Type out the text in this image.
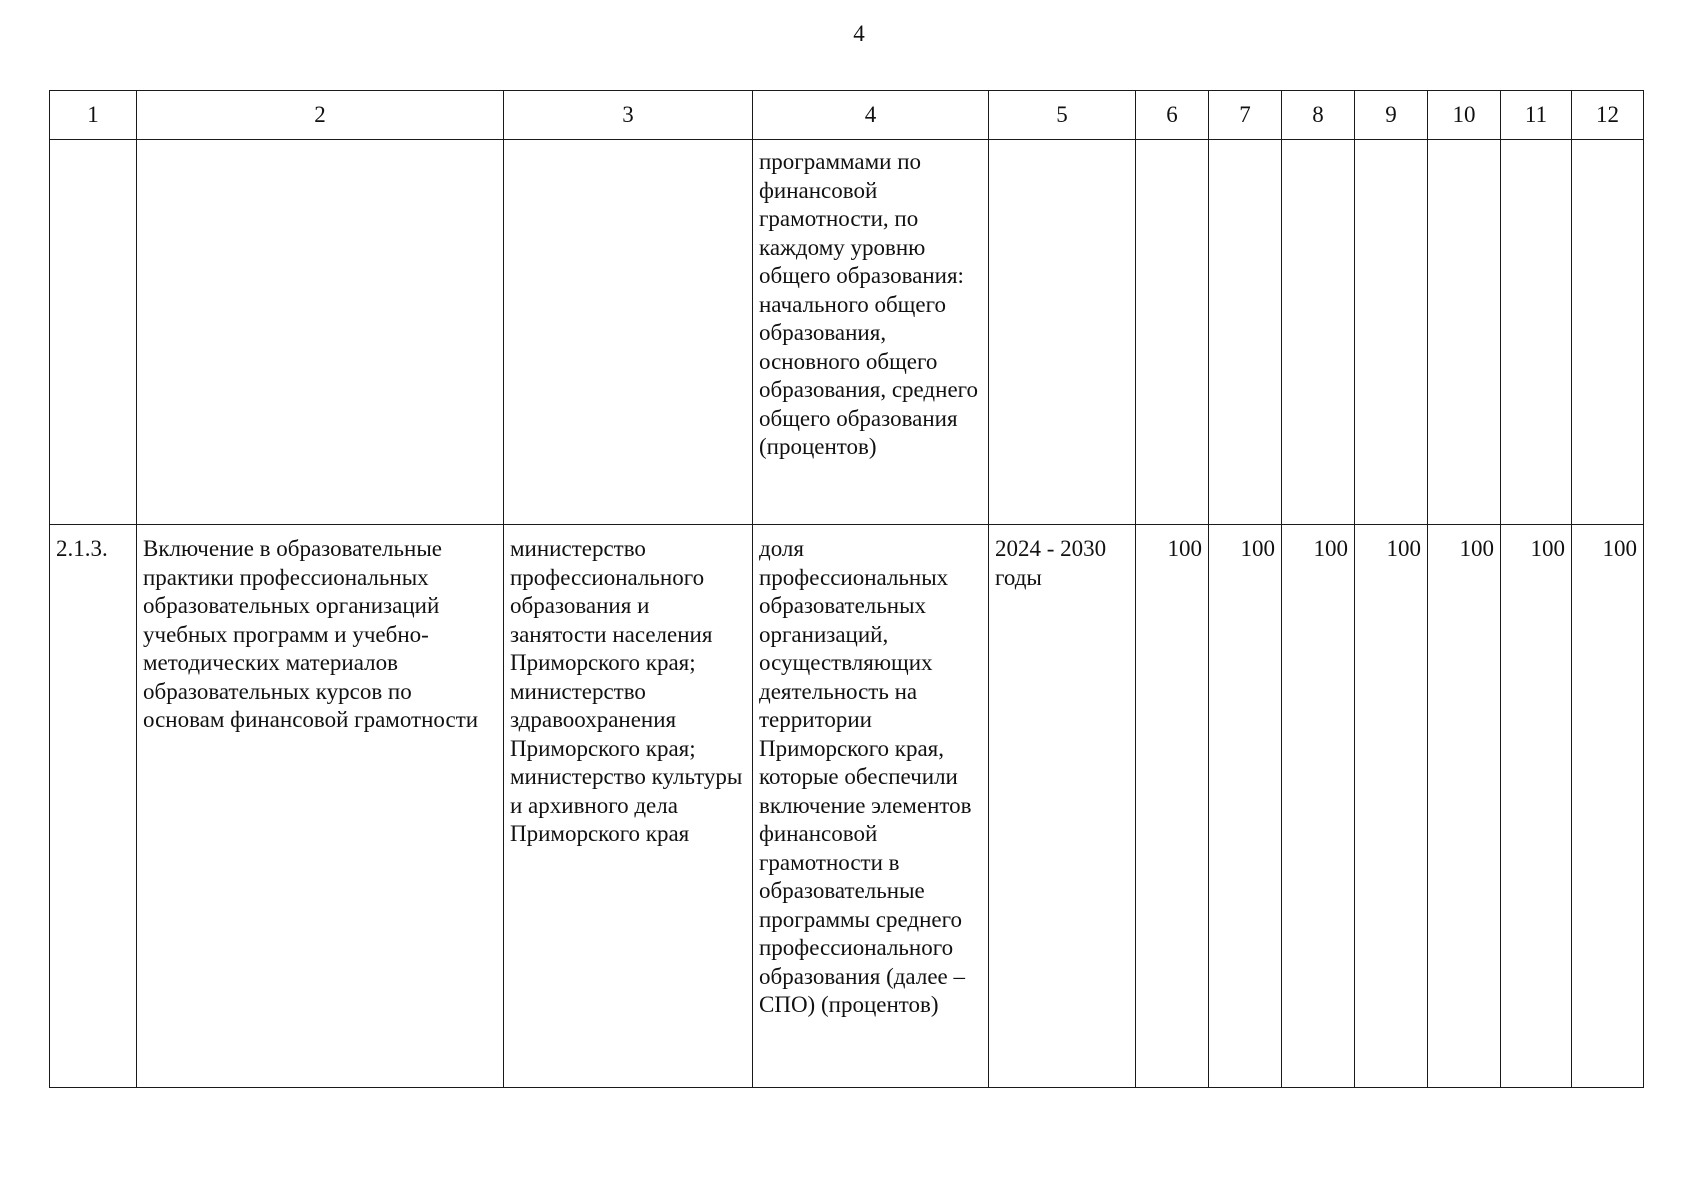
4
1	2	3	4	5	6	7	8	9	10	11	12
			программами по финансовой грамотности, по каждому уровню общего образования: начального общего образования, основного общего образования, среднего общего образования (процентов)								
2.1.3.	Включение в образовательные практики профессиональных образовательных организаций учебных программ и учебно-методических материалов образовательных курсов по основам финансовой грамотности	министерство профессионального образования и занятости населения Приморского края; министерство здравоохранения Приморского края; министерство культуры и архивного дела Приморского края	доля профессиональных образовательных организаций, осуществляющих деятельность на территории Приморского края, которые обеспечили включение элементов финансовой грамотности в образовательные программы среднего профессионального образования (далее – СПО) (процентов)	2024 - 2030 годы	100	100	100	100	100	100	100
